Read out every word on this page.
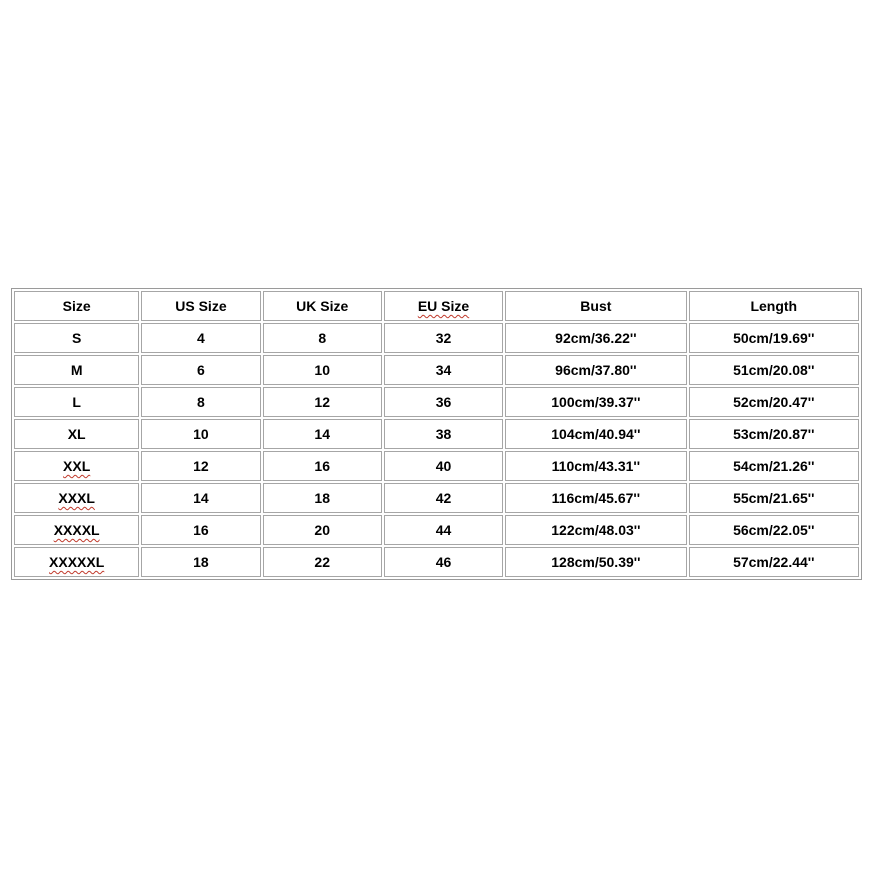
Size	US Size	UK Size	EU Size	Bust	Length
S	4	8	32	92cm/36.22''	50cm/19.69''
M	6	10	34	96cm/37.80''	51cm/20.08''
L	8	12	36	100cm/39.37''	52cm/20.47''
XL	10	14	38	104cm/40.94''	53cm/20.87''
XXL	12	16	40	110cm/43.31''	54cm/21.26''
XXXL	14	18	42	116cm/45.67''	55cm/21.65''
XXXXL	16	20	44	122cm/48.03''	56cm/22.05''
XXXXXL	18	22	46	128cm/50.39''	57cm/22.44''
